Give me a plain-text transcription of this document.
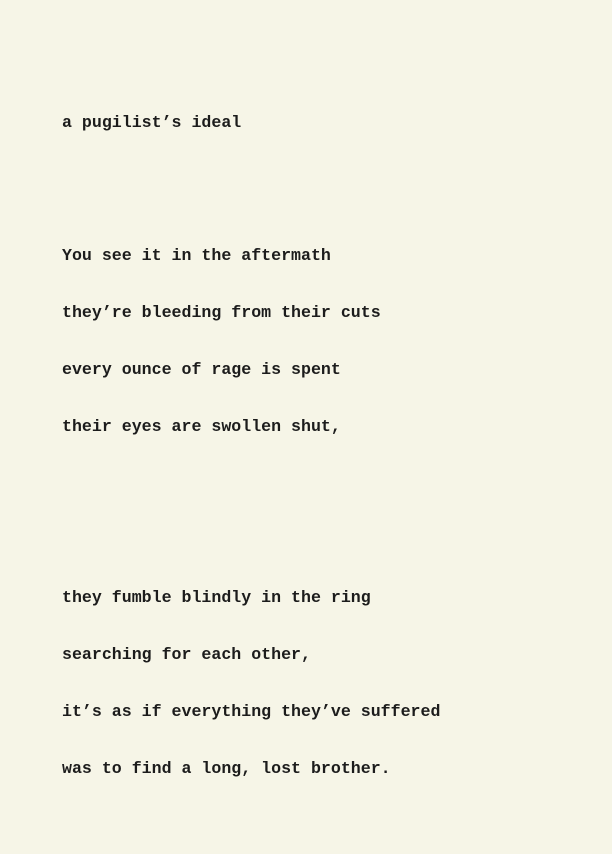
a pugilist’s ideal

You see it in the aftermath

they’re bleeding from their cuts

every ounce of rage is spent

their eyes are swollen shut,

they fumble blindly in the ring

searching for each other,

it’s as if everything they’ve suffered

was to find a long, lost brother.
